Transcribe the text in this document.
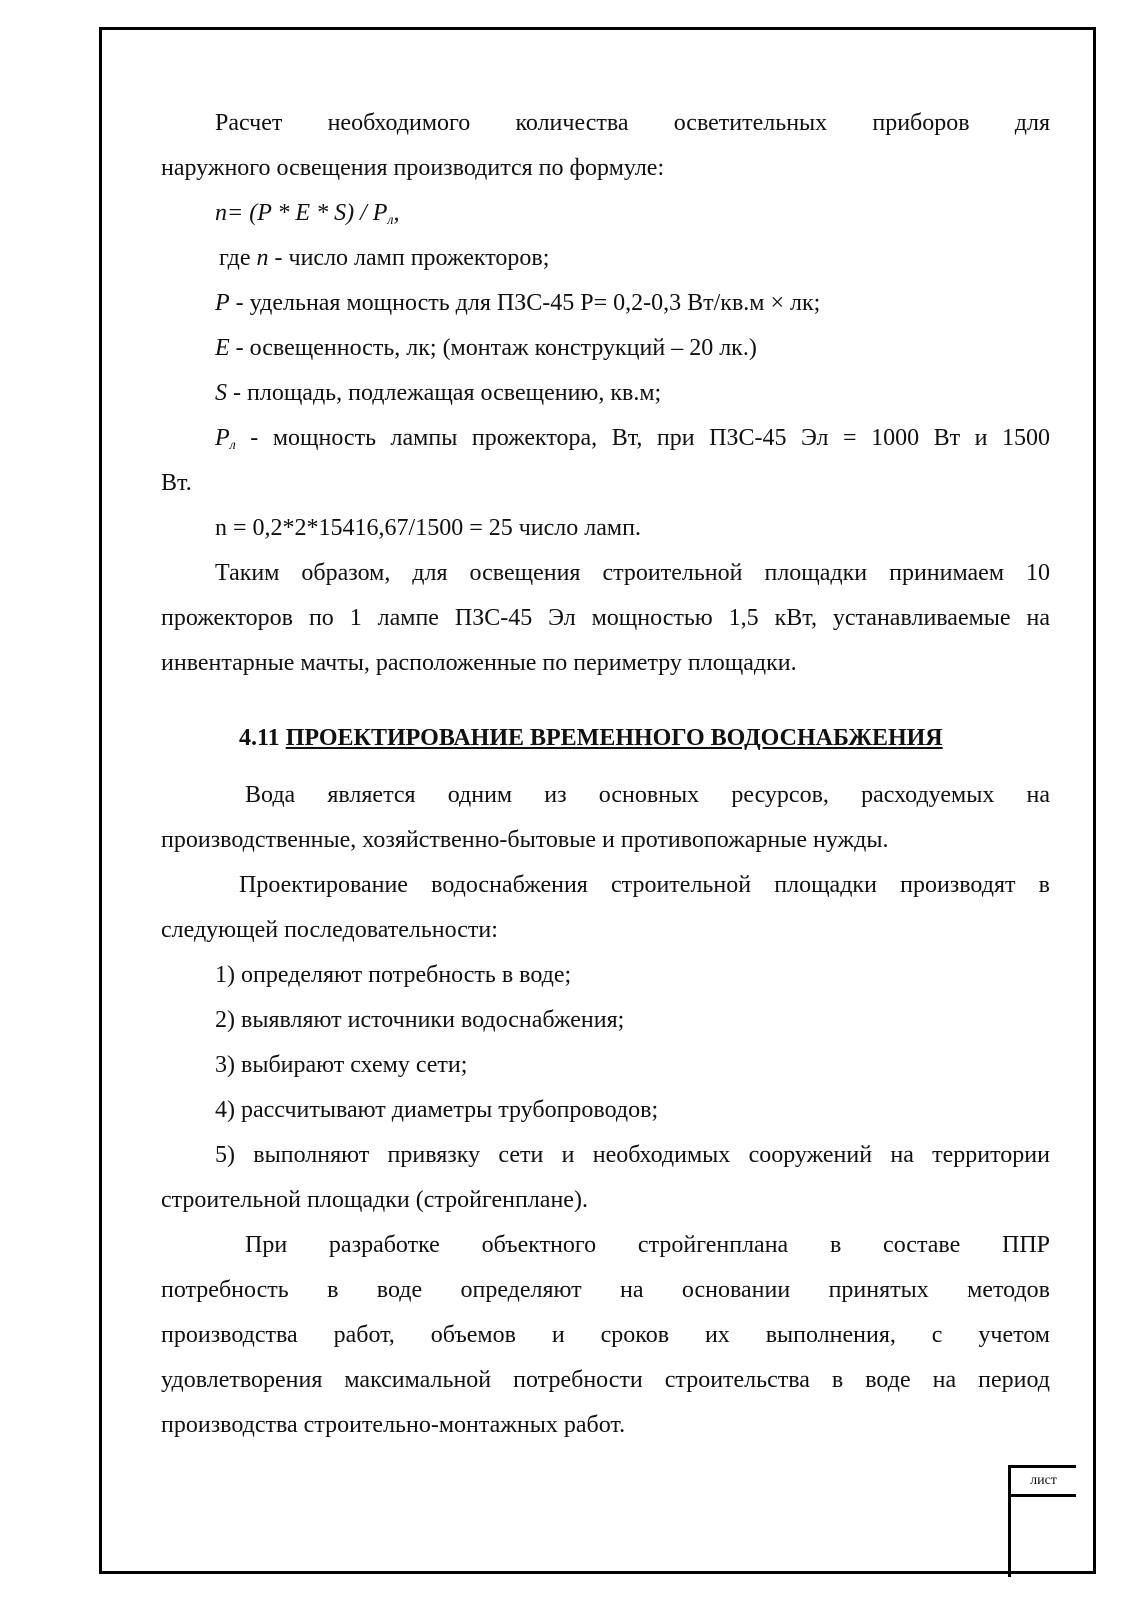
Расчет необходимого количества осветительных приборов для

наружного освещения производится по формуле:

$n= (P * E * S) / P_л$,

где n - число ламп прожекторов;

P - удельная мощность для ПЗС-45 Р= 0,2-0,3 Вт/кв.м × лк;

E - освещенность, лк; (монтаж конструкций – 20 лк.)

S - площадь, подлежащая освещению, кв.м;

$P_л$ - мощность лампы прожектора, Вт, при ПЗС-45 Эл = 1000 Вт и 1500

Вт.

n = 0,2*2*15416,67/1500 = 25 число ламп.

Таким образом, для освещения строительной площадки принимаем 10

прожекторов по 1 лампе ПЗС-45 Эл мощностью 1,5 кВт, устанавливаемые на

инвентарные мачты, расположенные по периметру площадки.

4.11 ПРОЕКТИРОВАНИЕ ВРЕМЕННОГО ВОДОСНАБЖЕНИЯ

Вода является одним из основных ресурсов, расходуемых на

производственные, хозяйственно-бытовые и противопожарные нужды.

Проектирование водоснабжения строительной площадки производят в

следующей последовательности:

1) определяют потребность в воде;

2) выявляют источники водоснабжения;

3) выбирают схему сети;

4) рассчитывают диаметры трубопроводов;

5) выполняют привязку сети и необходимых сооружений на территории

строительной площадки (стройгенплане).

При разработке объектного стройгенплана в составе ППР

потребность в воде определяют на основании принятых методов

производства работ, объемов и сроков их выполнения, с учетом

удовлетворения максимальной потребности строительства в воде на период

производства строительно-монтажных работ.

лист
